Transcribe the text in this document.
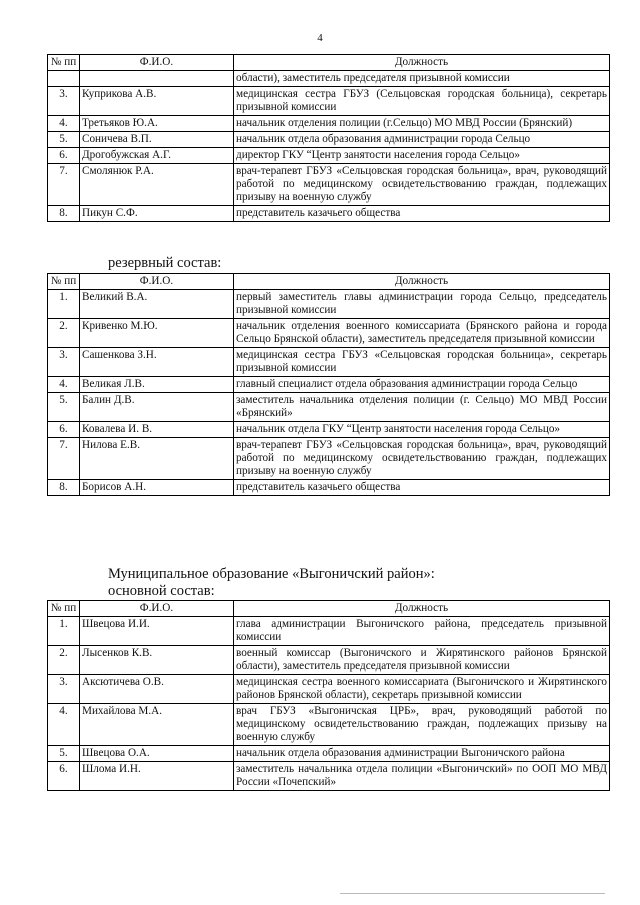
4
№ пп	Ф.И.О.	Должность
		области), заместитель председателя призывной комиссии
3.	Куприкова А.В.	медицинская сестра ГБУЗ (Сельцовская городская больница), секретарь призывной комиссии
4.	Третьяков Ю.А.	начальник отделения полиции (г.Сельцо) МО МВД России (Брянский)
5.	Соничева В.П.	начальник отдела образования администрации города Сельцо
6.	Дрогобужская А.Г.	директор ГКУ “Центр занятости населения города Сельцо»
7.	Смолянюк Р.А.	врач-терапевт ГБУЗ «Сельцовская городская больница», врач, руководящий работой по медицинскому освидетельствованию граждан, подлежащих призыву на военную службу
8.	Пикун С.Ф.	представитель казачьего общества
резервный состав:
№ пп	Ф.И.О.	Должность
1.	Великий В.А.	первый заместитель главы администрации города Сельцо, председатель призывной комиссии
2.	Кривенко М.Ю.	начальник отделения военного комиссариата (Брянского района и города Сельцо Брянской области), заместитель председателя призывной комиссии
3.	Сашенкова З.Н.	медицинская сестра ГБУЗ «Сельцовская городская больница», секретарь призывной комиссии
4.	Великая Л.В.	главный специалист отдела образования администрации города Сельцо
5.	Балин Д.В.	заместитель начальника отделения полиции (г. Сельцо) МО МВД России «Брянский»
6.	Ковалева И. В.	начальник отдела ГКУ “Центр занятости населения города Сельцо»
7.	Нилова Е.В.	врач-терапевт ГБУЗ «Сельцовская городская больница», врач, руководящий работой по медицинскому освидетельствованию граждан, подлежащих призыву на военную службу
8.	Борисов А.Н.	представитель казачьего общества
Муниципальное образование «Выгоничский район»:
основной состав:
№ пп	Ф.И.О.	Должность
1.	Швецова И.И.	глава администрации Выгоничского района, председатель призывной комиссии
2.	Лысенков К.В.	военный комиссар (Выгоничского и Жирятинского районов Брянской области), заместитель председателя призывной комиссии
3.	Аксютичева О.В.	медицинская сестра военного комиссариата (Выгоничского и Жирятинского районов Брянской области), секретарь призывной комиссии
4.	Михайлова М.А.	врач ГБУЗ «Выгоничская ЦРБ», врач, руководящий работой по медицинскому освидетельствованию граждан, подлежащих призыву на военную службу
5.	Швецова О.А.	начальник отдела образования администрации Выгоничского района
6.	Шлома И.Н.	заместитель начальника отдела полиции «Выгоничский» по ООП МО МВД России «Почепский»
